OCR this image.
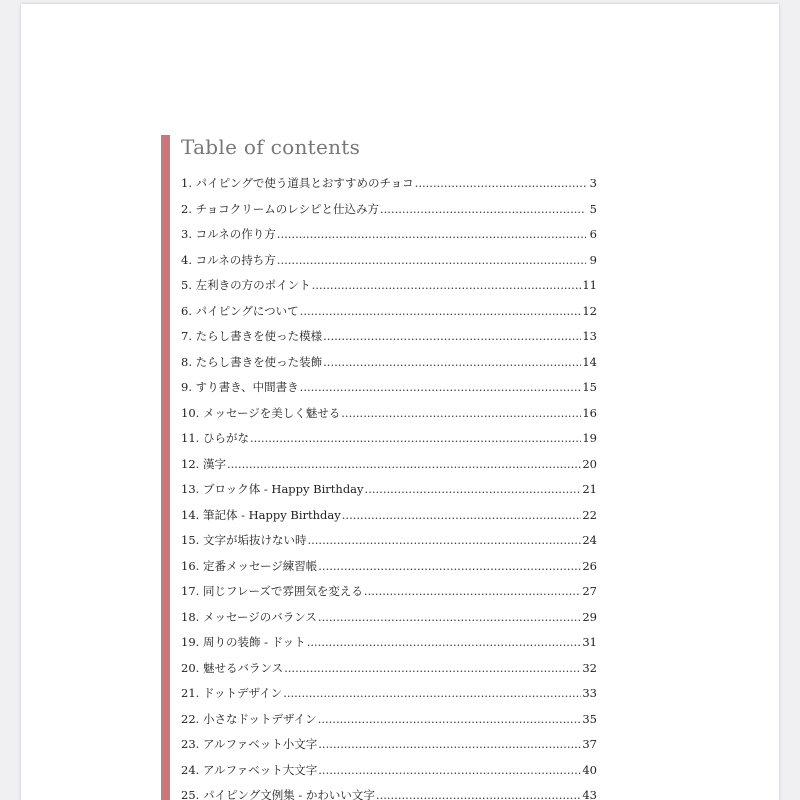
Table of contents
1. パイピングで使う道具とおすすめのチョコ .....	3
2. チョコクリームのレシピと仕込み方 .....	5
3. コルネの作り方 .....	6
4. コルネの持ち方 .....	9
5. 左利きの方のポイント .....	11
6. パイピングについて .....	12
7. たらし書きを使った模様 .....	13
8. たらし書きを使った装飾 .....	14
9. すり書き、中間書き .....	15
10. メッセージを美しく魅せる .....	16
11. ひらがな .....	19
12. 漢字 .....	20
13. ブロック体 - Happy Birthday .....	21
14. 筆記体 - Happy Birthday .....	22
15. 文字が垢抜けない時 .....	24
16. 定番メッセージ練習帳 .....	26
17. 同じフレーズで雰囲気を変える .....	27
18. メッセージのバランス .....	29
19. 周りの装飾 - ドット .....	31
20. 魅せるバランス .....	32
21. ドットデザイン .....	33
22. 小さなドットデザイン .....	35
23. アルファベット小文字 .....	37
24. アルファベット大文字 .....	40
25. パイピング文例集 - かわいい文字 .....	43
